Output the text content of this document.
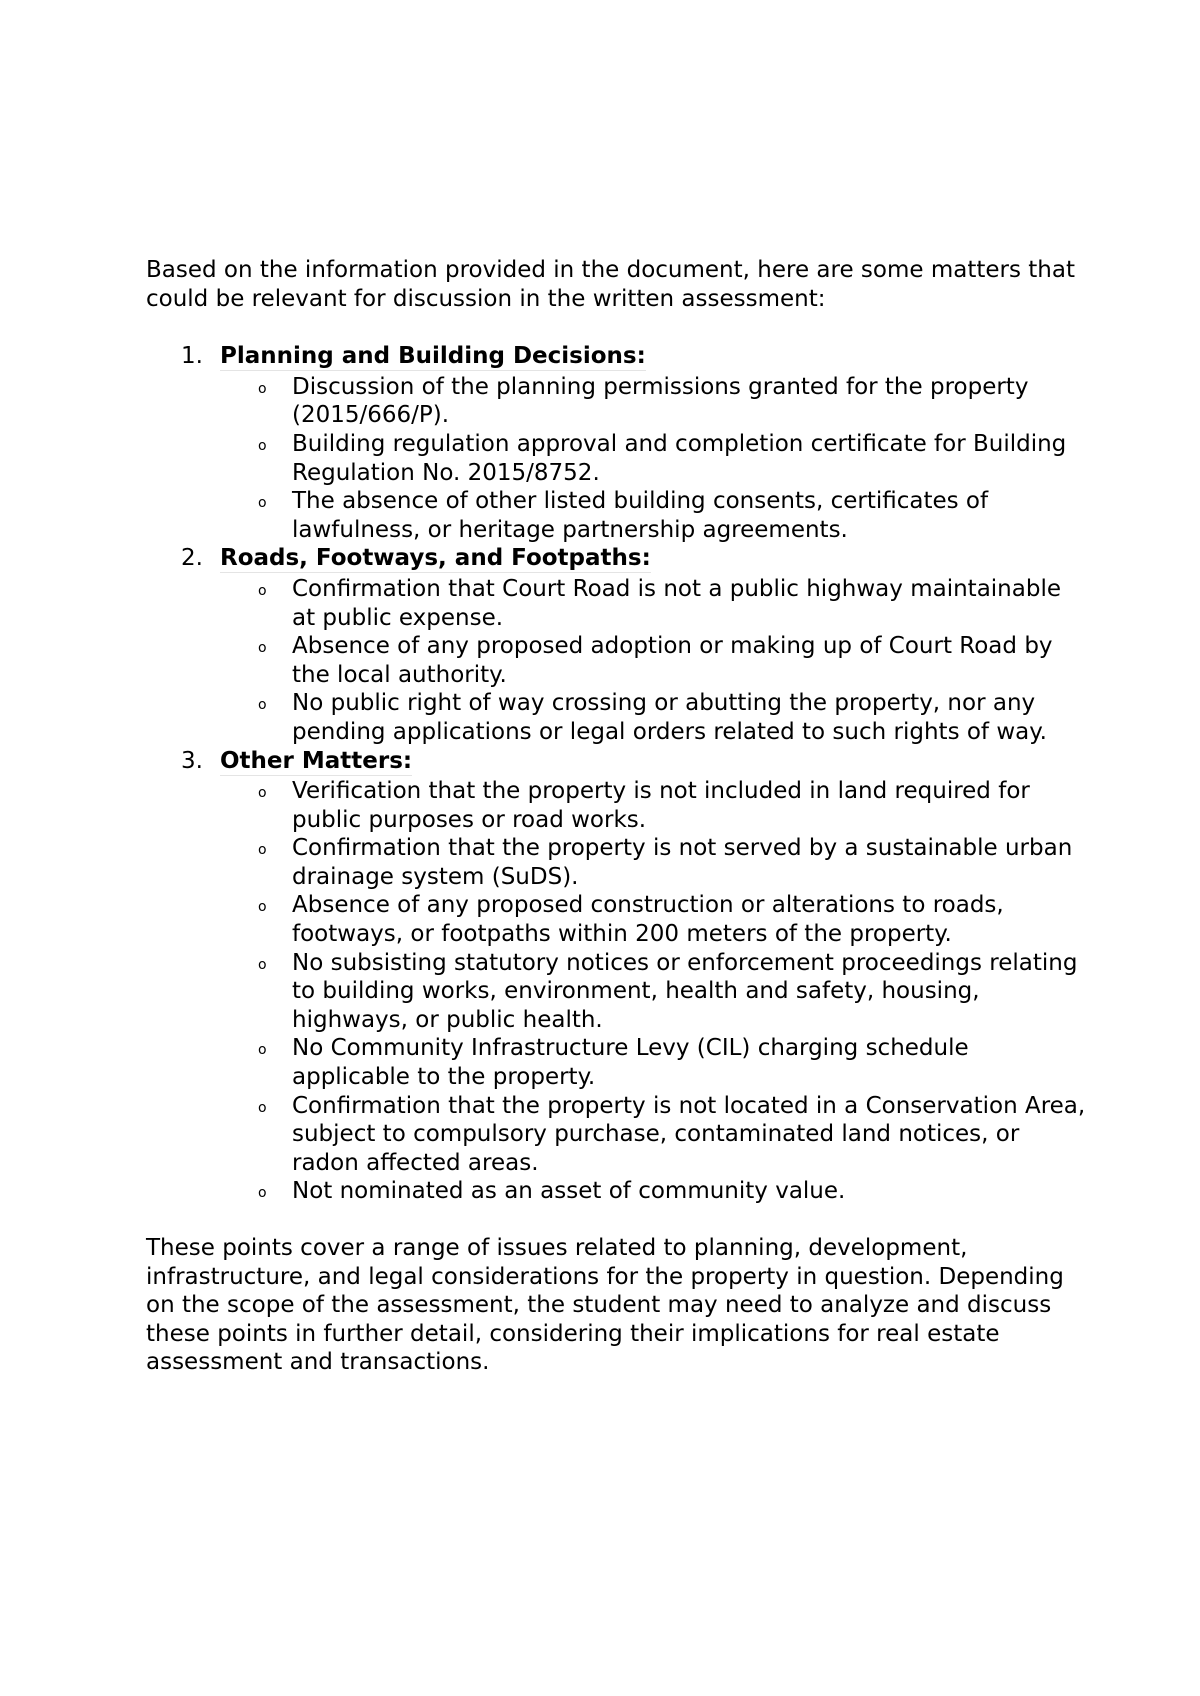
Based on the information provided in the document, here are some matters that could be relevant for discussion in the written assessment:

1. Planning and Building Decisions:
o Discussion of the planning permissions granted for the property (2015/666/P).
o Building regulation approval and completion certificate for Building Regulation No. 2015/8752.
o The absence of other listed building consents, certificates of lawfulness, or heritage partnership agreements.
2. Roads, Footways, and Footpaths:
o Confirmation that Court Road is not a public highway maintainable at public expense.
o Absence of any proposed adoption or making up of Court Road by the local authority.
o No public right of way crossing or abutting the property, nor any pending applications or legal orders related to such rights of way.
3. Other Matters:
o Verification that the property is not included in land required for public purposes or road works.
o Confirmation that the property is not served by a sustainable urban drainage system (SuDS).
o Absence of any proposed construction or alterations to roads, footways, or footpaths within 200 meters of the property.
o No subsisting statutory notices or enforcement proceedings relating to building works, environment, health and safety, housing, highways, or public health.
o No Community Infrastructure Levy (CIL) charging schedule applicable to the property.
o Confirmation that the property is not located in a Conservation Area, subject to compulsory purchase, contaminated land notices, or radon affected areas.
o Not nominated as an asset of community value.

These points cover a range of issues related to planning, development, infrastructure, and legal considerations for the property in question. Depending on the scope of the assessment, the student may need to analyze and discuss these points in further detail, considering their implications for real estate assessment and transactions.
